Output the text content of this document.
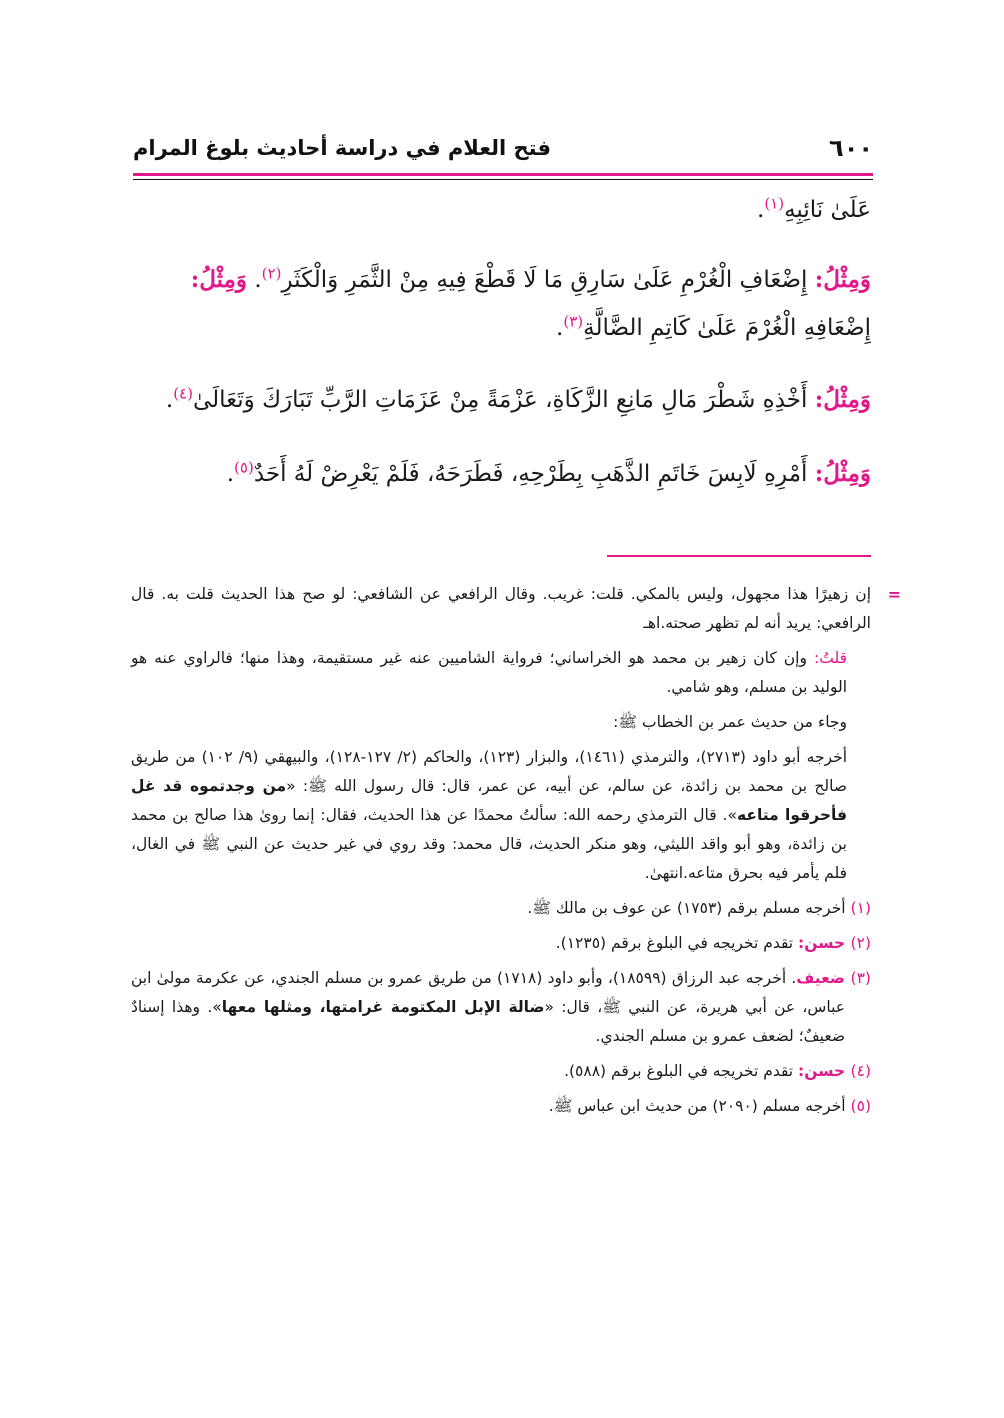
٦٠٠
فتح العلام في دراسة أحاديث بلوغ المرام

عَلَىٰ نَائِبِهِ$^{(١)}$.

وَمِثْلُ: إِضْعَافِ الْغُرْمِ عَلَىٰ سَارِقِ مَا لَا قَطْعَ فِيهِ مِنْ الثَّمَرِ وَالْكَثَرِ$^{(٢)}$. وَمِثْلُ: إِضْعَافِهِ الْغُرْمَ عَلَىٰ كَاتِمِ الضَّالَّةِ$^{(٣)}$.

وَمِثْلُ: أَخْذِهِ شَطْرَ مَالِ مَانِعِ الزَّكَاةِ، عَزْمَةً مِنْ عَزَمَاتِ الرَّبِّ تَبَارَكَ وَتَعَالَىٰ$^{(٤)}$.

وَمِثْلُ: أَمْرِهِ لَابِسَ خَاتَمِ الذَّهَبِ بِطَرْحِهِ، فَطَرَحَهُ، فَلَمْ يَعْرِضْ لَهُ أَحَدٌ$^{(٥)}$.

=
إن زهيرًا هذا مجهول، وليس بالمكي. قلت: غريب. وقال الرافعي عن الشافعي: لو صح هذا الحديث قلت به. قال الرافعي: يريد أنه لم تظهر صحته.اهـ

قلتُ: وإن كان زهير بن محمد هو الخراساني؛ فرواية الشاميين عنه غير مستقيمة، وهذا منها؛ فالراوي عنه هو الوليد بن مسلم، وهو شامي.

وجاء من حديث عمر بن الخطاب ﷺ:

أخرجه أبو داود (٢٧١٣)، والترمذي (١٤٦١)، والبزار (١٢٣)، والحاكم (٢/ ١٢٧-١٢٨)، والبيهقي (٩/ ١٠٢) من طريق صالح بن محمد بن زائدة، عن سالم، عن أبيه، عن عمر، قال: قال رسول الله ﷺ: «من وجدتموه قد غل فأحرقوا متاعه». قال الترمذي رحمه الله: سألتُ محمدًا عن هذا الحديث، فقال: إنما روىٰ هذا صالح بن محمد بن زائدة، وهو أبو واقد الليثي، وهو منكر الحديث، قال محمد: وقد روي في غير حديث عن النبي ﷺ في الغال، فلم يأمر فيه بحرق متاعه.انتهىٰ.

(١) أخرجه مسلم برقم (١٧٥٣) عن عوف بن مالك ﷺ.

(٢) حسن: تقدم تخريجه في البلوغ برقم (١٢٣٥).

(٣) ضعيف. أخرجه عبد الرزاق (١٨٥٩٩)، وأبو داود (١٧١٨) من طريق عمرو بن مسلم الجندي، عن عكرمة مولىٰ ابن عباس، عن أبي هريرة، عن النبي ﷺ، قال: «ضالة الإبل المكتومة غرامتها، ومثلها معها». وهذا إسنادٌ ضعيفٌ؛ لضعف عمرو بن مسلم الجندي.

(٤) حسن: تقدم تخريجه في البلوغ برقم (٥٨٨).

(٥) أخرجه مسلم (٢٠٩٠) من حديث ابن عباس ﷺ.
